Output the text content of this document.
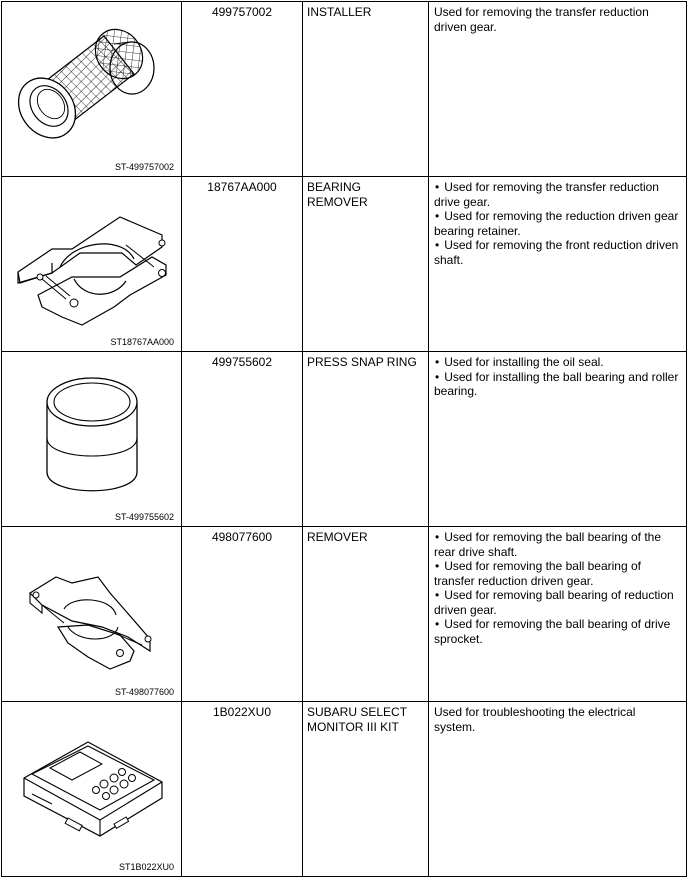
ST-499757002	499757002	INSTALLER	Used for removing the transfer reduction driven gear.

ST18767AA000	18767AA000	BEARING REMOVER	• Used for removing the transfer reduction drive gear.
• Used for removing the reduction driven gear bearing retainer.
• Used for removing the front reduction driven shaft.

ST-499755602	499755602	PRESS SNAP RING	• Used for installing the oil seal.
• Used for installing the ball bearing and roller bearing.

ST-498077600	498077600	REMOVER	• Used for removing the ball bearing of the rear drive shaft.
• Used for removing the ball bearing of transfer reduction driven gear.
• Used for removing ball bearing of reduction driven gear.
• Used for removing the ball bearing of drive sprocket.

ST1B022XU0	1B022XU0	SUBARU SELECT MONITOR III KIT	Used for troubleshooting the electrical system.
